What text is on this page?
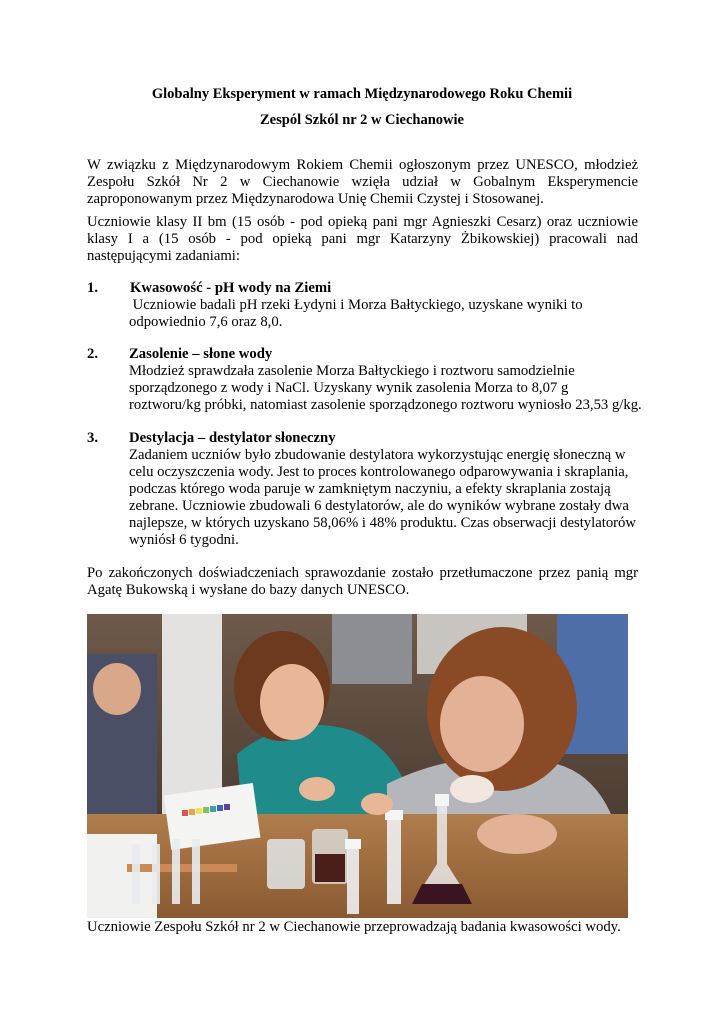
Globalny Eksperyment w ramach Międzynarodowego Roku Chemii
Zespól Szkól nr 2 w Ciechanowie
W związku z Międzynarodowym Rokiem Chemii ogłoszonym przez UNESCO, młodzież
Zespołu Szkół Nr 2 w Ciechanowie wzięła udział w Gobalnym Eksperymencie
zaproponowanym przez Międzynarodowa Unię Chemii Czystej i Stosowanej.
Uczniowie klasy II bm (15 osób - pod opieką pani mgr Agnieszki Cesarz) oraz uczniowie
klasy I a (15 osób - pod opieką pani mgr Katarzyny Żbikowskiej) pracowali nad
następującymi zadaniami:
1.	Kwasowość - pH wody na Ziemi
Uczniowie badali pH rzeki Łydyni i Morza Bałtyckiego, uzyskane wyniki to
odpowiednio 7,6 oraz 8,0.
2.	Zasolenie – słone wody
Młodzież sprawdzała zasolenie Morza Bałtyckiego i roztworu samodzielnie
sporządzonego z wody i NaCl. Uzyskany wynik zasolenia Morza to 8,07 g
roztworu/kg próbki, natomiast zasolenie sporządzonego roztworu wyniosło 23,53 g/kg.
3.	Destylacja – destylator słoneczny
Zadaniem uczniów było zbudowanie destylatora wykorzystując energię słoneczną w
celu oczyszczenia wody. Jest to proces kontrolowanego odparowywania i skraplania,
podczas którego woda paruje w zamkniętym naczyniu, a efekty skraplania zostają
zebrane. Uczniowie zbudowali 6 destylatorów, ale do wyników wybrane zostały dwa
najlepsze, w których uzyskano 58,06% i 48% produktu. Czas obserwacji destylatorów
wyniósł 6 tygodni.
Po zakończonych doświadczeniach sprawozdanie zostało przetłumaczone przez panią mgr
Agatę Bukowską i wysłane do bazy danych UNESCO.
Uczniowie Zespołu Szkół nr 2 w Ciechanowie przeprowadzają badania kwasowości wody.
